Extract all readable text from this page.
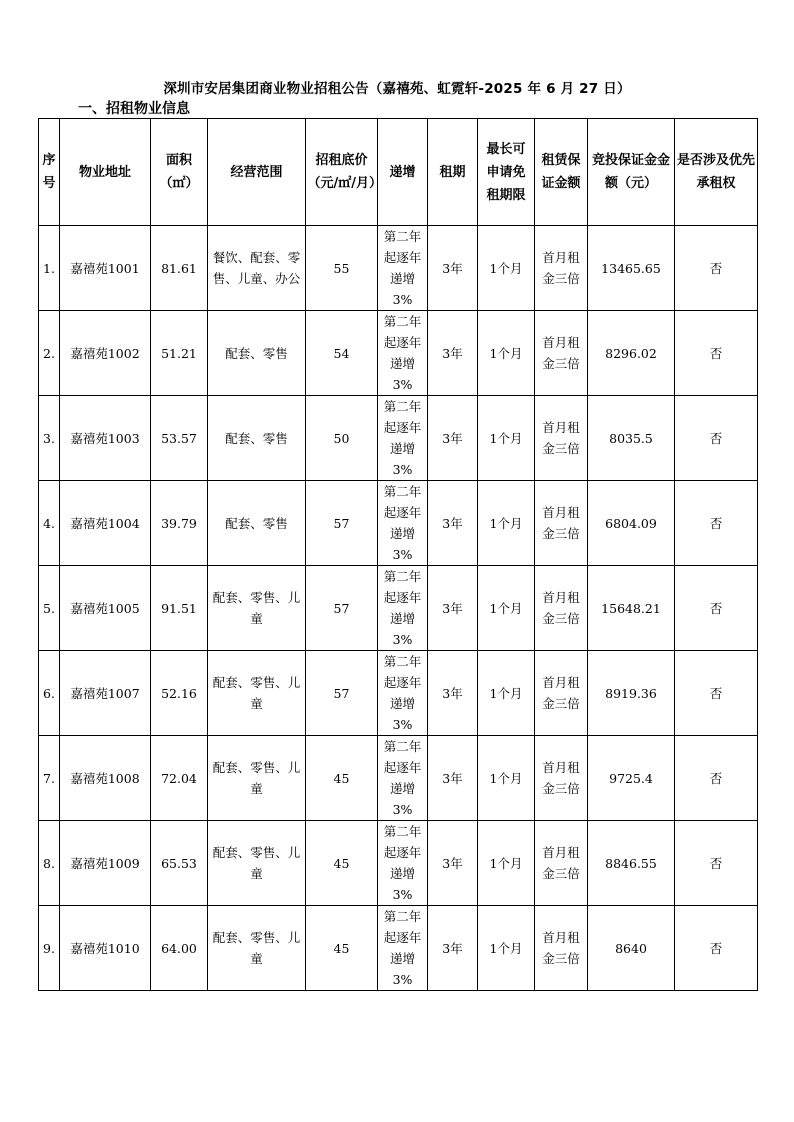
深圳市安居集团商业物业招租公告（嘉禧苑、虹霓轩-2025 年 6 月 27 日）
一、招租物业信息
序号	物业地址	面积（㎡）	经营范围	招租底价（元/㎡/月）	递增	租期	最长可申请免租期限	租赁保证金额	竞投保证金金额（元）	是否涉及优先承租权

1.	嘉禧苑1001	81.61	餐饮、配套、零售、儿童、办公	55	第二年起逐年递增3%	3年	1个月	首月租金三倍	13465.65	否
2.	嘉禧苑1002	51.21	配套、零售	54	第二年起逐年递增3%	3年	1个月	首月租金三倍	8296.02	否
3.	嘉禧苑1003	53.57	配套、零售	50	第二年起逐年递增3%	3年	1个月	首月租金三倍	8035.5	否
4.	嘉禧苑1004	39.79	配套、零售	57	第二年起逐年递增3%	3年	1个月	首月租金三倍	6804.09	否
5.	嘉禧苑1005	91.51	配套、零售、儿童	57	第二年起逐年递增3%	3年	1个月	首月租金三倍	15648.21	否
6.	嘉禧苑1007	52.16	配套、零售、儿童	57	第二年起逐年递增3%	3年	1个月	首月租金三倍	8919.36	否
7.	嘉禧苑1008	72.04	配套、零售、儿童	45	第二年起逐年递增3%	3年	1个月	首月租金三倍	9725.4	否
8.	嘉禧苑1009	65.53	配套、零售、儿童	45	第二年起逐年递增3%	3年	1个月	首月租金三倍	8846.55	否
9.	嘉禧苑1010	64.00	配套、零售、儿童	45	第二年起逐年递增3%	3年	1个月	首月租金三倍	8640	否
